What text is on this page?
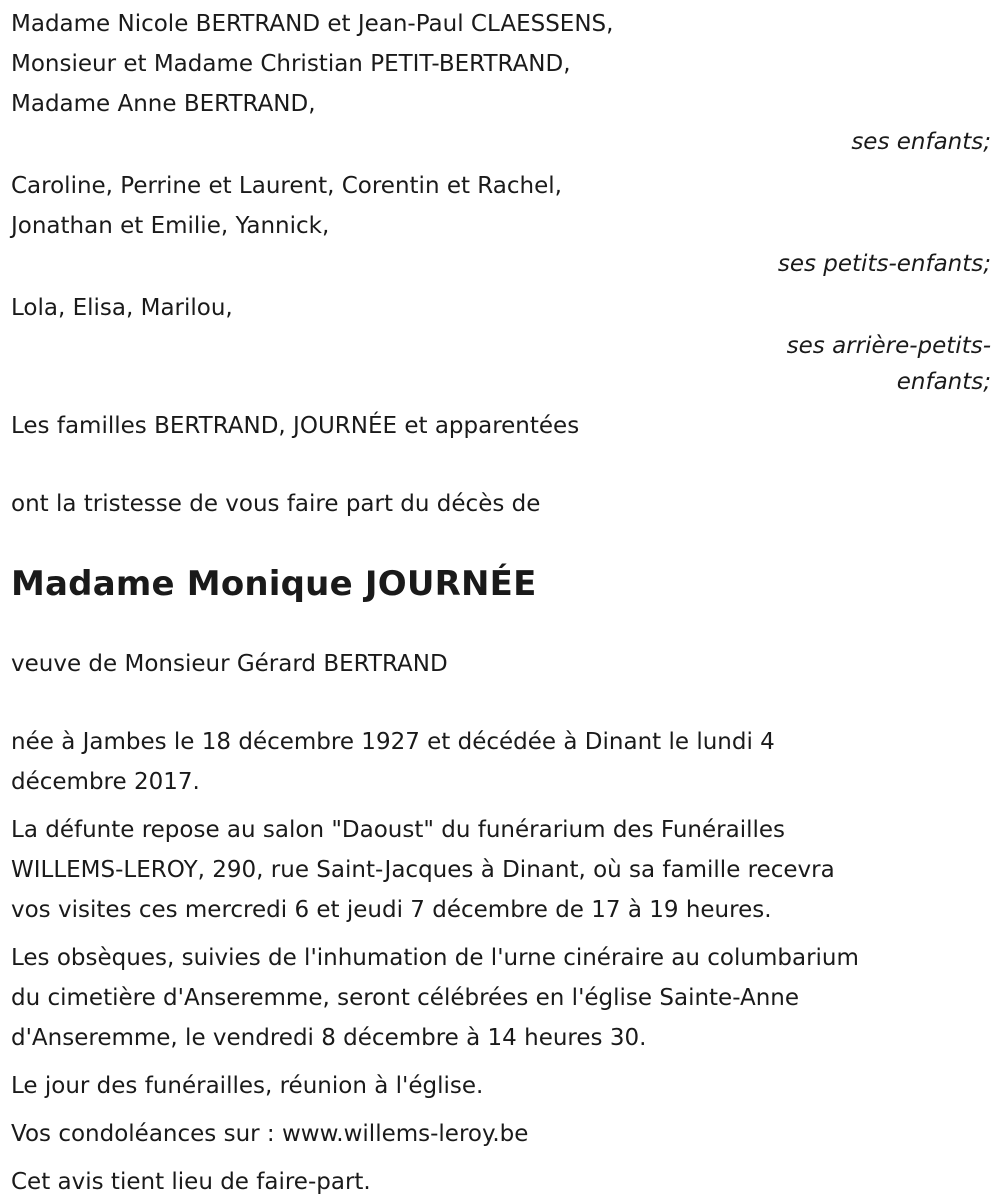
Madame Nicole BERTRAND et Jean-Paul CLAESSENS,
Monsieur et Madame Christian PETIT-BERTRAND,
Madame Anne BERTRAND,
ses enfants;
Caroline, Perrine et Laurent, Corentin et Rachel,
Jonathan et Emilie, Yannick,
ses petits-enfants;
Lola, Elisa, Marilou,
ses arrière-petits-
enfants;
Les familles BERTRAND, JOURNÉE et apparentées
ont la tristesse de vous faire part du décès de
Madame Monique JOURNÉE
veuve de Monsieur Gérard BERTRAND
née à Jambes le 18 décembre 1927 et décédée à Dinant le lundi 4
décembre 2017.
La défunte repose au salon "Daoust" du funérarium des Funérailles
WILLEMS-LEROY, 290, rue Saint-Jacques à Dinant, où sa famille recevra
vos visites ces mercredi 6 et jeudi 7 décembre de 17 à 19 heures.
Les obsèques, suivies de l'inhumation de l'urne cinéraire au columbarium
du cimetière d'Anseremme, seront célébrées en l'église Sainte-Anne
d'Anseremme, le vendredi 8 décembre à 14 heures 30.
Le jour des funérailles, réunion à l'église.
Vos condoléances sur : www.willems-leroy.be
Cet avis tient lieu de faire-part.
